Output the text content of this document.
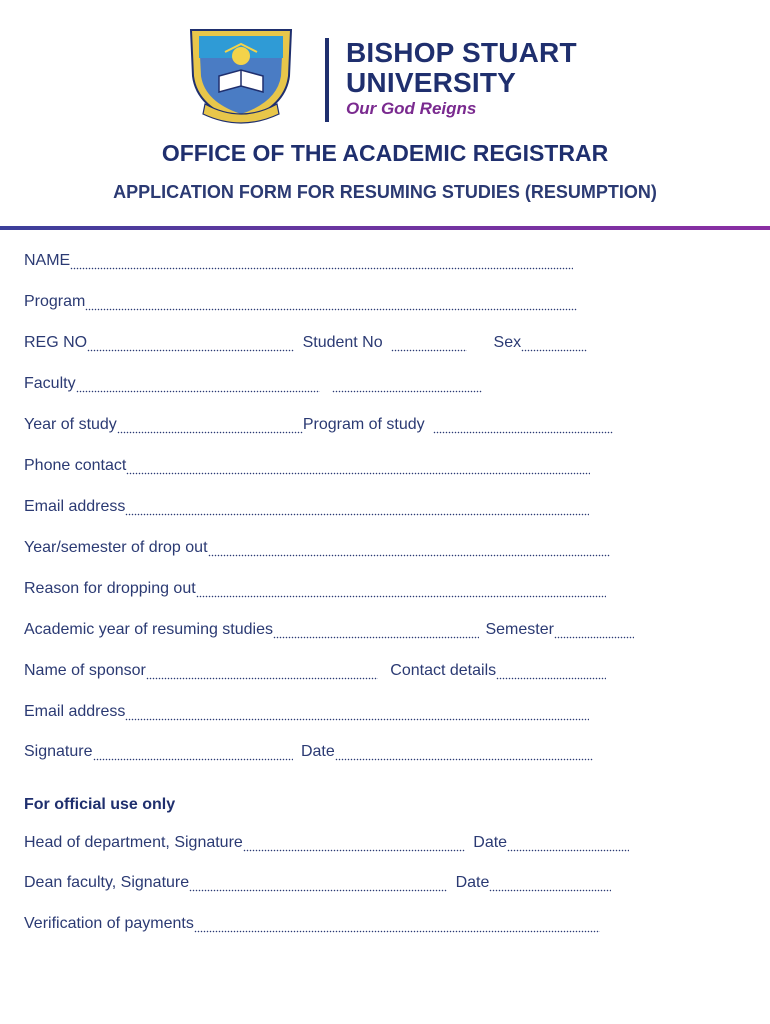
BISHOP STUART
UNIVERSITY
Our God Reigns
OFFICE OF THE ACADEMIC REGISTRAR
APPLICATION FORM FOR RESUMING STUDIES (RESUMPTION)
NAME
Program
REG NO	Student No	Sex
Faculty
Year of study	Program of study
Phone contact
Email address
Year/semester of drop out
Reason for dropping out
Academic year of resuming studies	Semester
Name of sponsor	Contact details
Email address
Signature	Date
For official use only
Head of department, Signature	Date
Dean faculty, Signature	Date
Verification of payments
